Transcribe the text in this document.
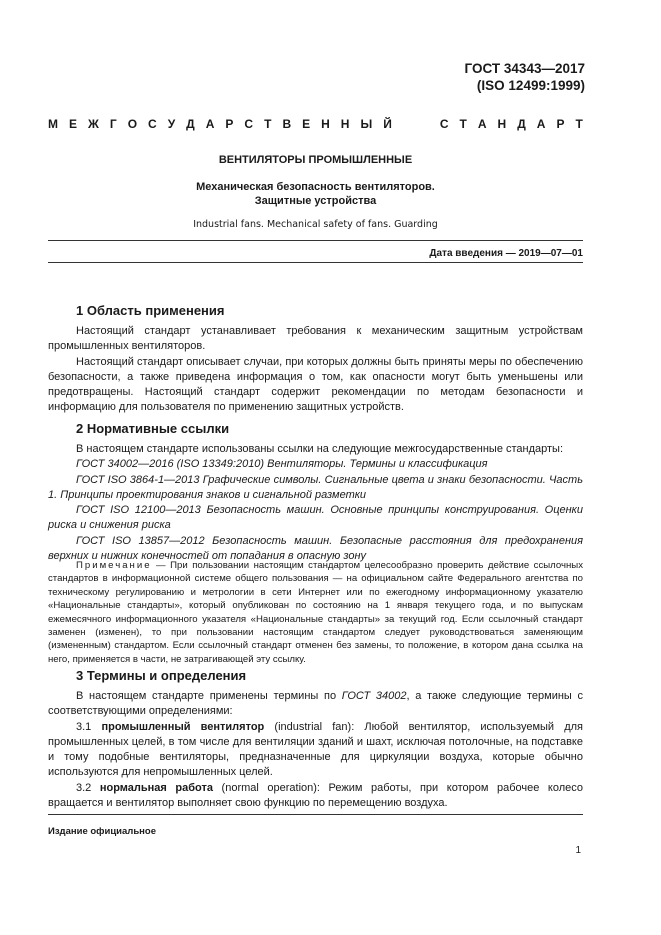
ГОСТ 34343—2017
(ISO 12499:1999)
М Е Ж Г О С У Д А Р С Т В Е Н Н Ы Й	С Т А Н Д А Р Т
ВЕНТИЛЯТОРЫ ПРОМЫШЛЕННЫЕ
Механическая безопасность вентиляторов.
Защитные устройства
Industrial fans. Mechanical safety of fans. Guarding
Дата введения — 2019—07—01
1 Область применения

Настоящий стандарт устанавливает требования к механическим защитным устройствам промышленных вентиляторов.

Настоящий стандарт описывает случаи, при которых должны быть приняты меры по обеспечению безопасности, а также приведена информация о том, как опасности могут быть уменьшены или предотвращены. Настоящий стандарт содержит рекомендации по методам безопасности и информацию для пользователя по применению защитных устройств.

2 Нормативные ссылки

В настоящем стандарте использованы ссылки на следующие межгосударственные стандарты:

ГОСТ 34002—2016 (ISO 13349:2010) Вентиляторы. Термины и классификация

ГОСТ ISO 3864-1—2013 Графические символы. Сигнальные цвета и знаки безопасности. Часть 1. Принципы проектирования знаков и сигнальной разметки

ГОСТ ISO 12100—2013 Безопасность машин. Основные принципы конструирования. Оценки риска и снижения риска

ГОСТ ISO 13857—2012 Безопасность машин. Безопасные расстояния для предохранения верхних и нижних конечностей от попадания в опасную зону

Примечание — При пользовании настоящим стандартом целесообразно проверить действие ссылочных стандартов в информационной системе общего пользования — на официальном сайте Федерального агентства по техническому регулированию и метрологии в сети Интернет или по ежегодному информационному указателю «Национальные стандарты», который опубликован по состоянию на 1 января текущего года, и по выпускам ежемесячного информационного указателя «Национальные стандарты» за текущий год. Если ссылочный стандарт заменен (изменен), то при пользовании настоящим стандартом следует руководствоваться заменяющим (измененным) стандартом. Если ссылочный стандарт отменен без замены, то положение, в котором дана ссылка на него, применяется в части, не затрагивающей эту ссылку.

3 Термины и определения

В настоящем стандарте применены термины по ГОСТ 34002, а также следующие термины с соответствующими определениями:

3.1 промышленный вентилятор (industrial fan): Любой вентилятор, используемый для промышленных целей, в том числе для вентиляции зданий и шахт, исключая потолочные, на подставке и тому подобные вентиляторы, предназначенные для циркуляции воздуха, которые обычно используются для непромышленных целей.

3.2 нормальная работа (normal operation): Режим работы, при котором рабочее колесо вращается и вентилятор выполняет свою функцию по перемещению воздуха.

Издание официальное
1
